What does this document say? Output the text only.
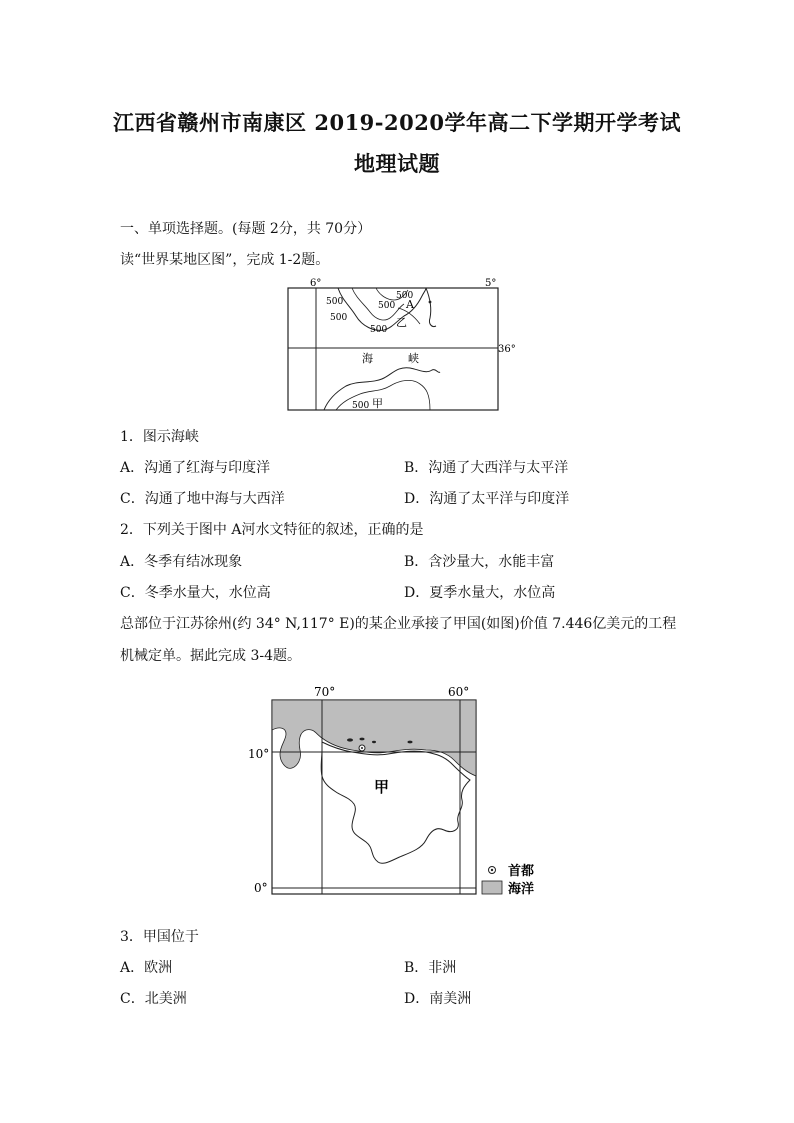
江西省赣州市南康区 2019-2020学年高二下学期开学考试
地理试题
一、单项选择题。(每题 2分，共 70分）
读“世界某地区图”，完成 1-2题。
6°	5°
36°
500
500
500
500
500
A
乙
海	峡
500 甲
1．图示海峡
A．沟通了红海与印度洋	B．沟通了大西洋与太平洋
C．沟通了地中海与大西洋	D．沟通了太平洋与印度洋
2．下列关于图中 A河水文特征的叙述，正确的是
A．冬季有结冰现象	B．含沙量大，水能丰富
C．冬季水量大，水位高	D．夏季水量大，水位高
总部位于江苏徐州(约 34° N,117° E)的某企业承接了甲国(如图)价值 7.446亿美元的工程
机械定单。据此完成 3-4题。
70°	60°
10°
0°
甲
首都
海洋
3．甲国位于
A．欧洲	B．非洲
C．北美洲	D．南美洲
